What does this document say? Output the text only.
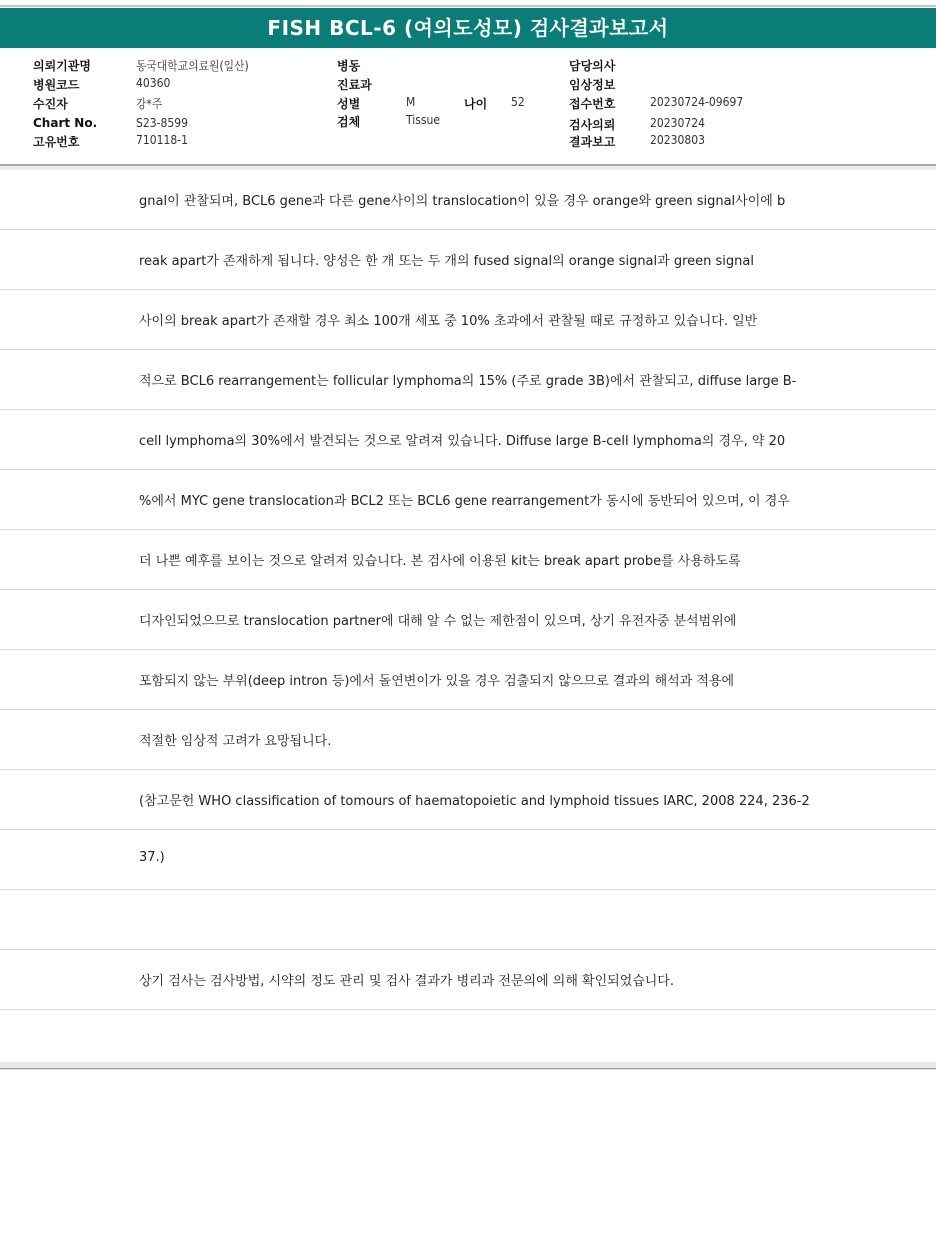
FISH BCL-6 (여의도성모) 검사결과보고서
의뢰기관명	동국대학교의료원(일산)
병원코드	40360
수진자	강*주
Chart No.	S23-8599
고유번호	710118-1
병동
진료과
성별	M	나이 52
검체	Tissue
담당의사
임상정보
접수번호	20230724-09697
검사의뢰	20230724
결과보고	20230803
gnal이 관찰되며, BCL6 gene과 다른 gene사이의 translocation이 있을 경우 orange와 green signal사이에 b
reak apart가 존재하게 됩니다. 양성은 한 개 또는 두 개의 fused signal의 orange signal과 green signal
사이의 break apart가 존재할 경우 최소 100개 세포 중 10% 초과에서 관찰될 때로 규정하고 있습니다. 일반
적으로 BCL6 rearrangement는 follicular lymphoma의 15% (주로 grade 3B)에서 관찰되고, diffuse large B-
cell lymphoma의 30%에서 발견되는 것으로 알려져 있습니다. Diffuse large B-cell lymphoma의 경우, 약 20
%에서 MYC gene translocation과 BCL2 또는 BCL6 gene rearrangement가 동시에 동반되어 있으며, 이 경우
더 나쁜 예후를 보이는 것으로 알려져 있습니다. 본 검사에 이용된 kit는 break apart probe를 사용하도록
디자인되었으므로 translocation partner에 대해 알 수 없는 제한점이 있으며, 상기 유전자중 분석범위에
포함되지 않는 부위(deep intron 등)에서 돌연변이가 있을 경우 검출되지 않으므로 결과의 해석과 적용에
적절한 임상적 고려가 요망됩니다.
(참고문헌 WHO classification of tomours of haematopoietic and lymphoid tissues IARC, 2008 224, 236-2
37.)
상기 검사는 검사방법, 시약의 정도 관리 및 검사 결과가 병리과 전문의에 의해 확인되었습니다.
